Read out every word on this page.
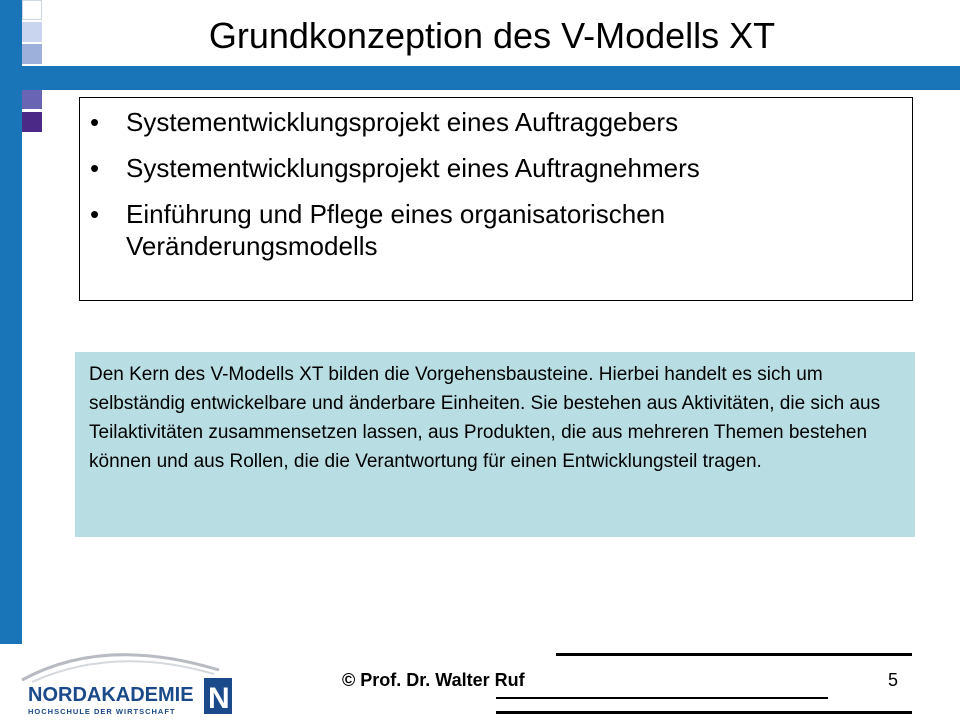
Grundkonzeption des V-Modells XT
• Systementwicklungsprojekt eines Auftraggebers
• Systementwicklungsprojekt eines Auftragnehmers
• Einführung und Pflege eines organisatorischen Veränderungsmodells
Den Kern des V-Modells XT bilden die Vorgehensbausteine. Hierbei handelt es sich um selbständig entwickelbare und änderbare Einheiten. Sie bestehen aus Aktivitäten, die sich aus Teilaktivitäten zusammensetzen lassen, aus Produkten, die aus mehreren Themen bestehen können und aus Rollen, die die Verantwortung für einen Entwicklungsteil tragen.
© Prof. Dr. Walter Ruf	5
NORDAKADEMIE
HOCHSCHULE DER WIRTSCHAFT N
